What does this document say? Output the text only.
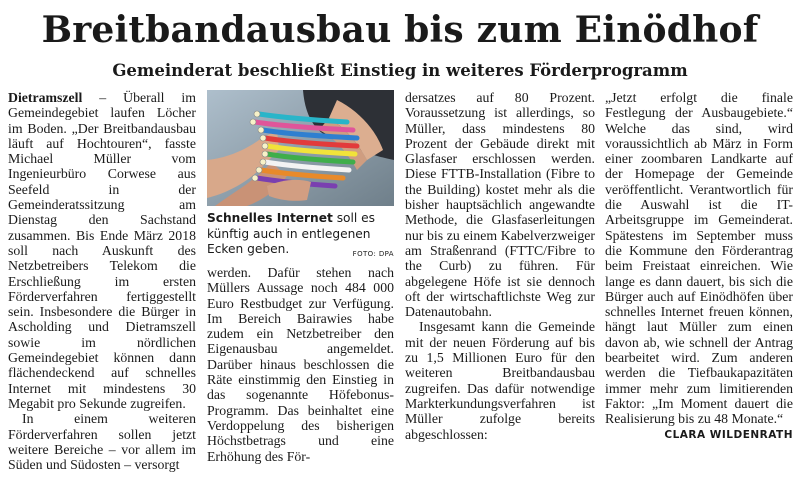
Breitbandausbau bis zum Einödhof
Gemeinderat beschließt Einstieg in weiteres Förderprogramm

Dietramszell – Überall im Gemeindegebiet laufen Löcher im Boden. „Der Breitbandausbau läuft auf Hochtouren“, fasste Michael Müller vom Ingenieurbüro Corwese aus Seefeld in der Gemeinderatssitzung am Dienstag den Sachstand zusammen. Bis Ende März 2018 soll nach Auskunft des Netzbetreibers Telekom die Erschließung im ersten Förderverfahren fertiggestellt sein. Insbesondere die Bürger in Ascholding und Dietramszell sowie im nördlichen Gemeindegebiet können dann flächendeckend auf schnelles Internet mit mindestens 30 Megabit pro Sekunde zugreifen.

In einem weiteren Förderverfahren sollen jetzt weitere Bereiche – vor allem im Süden und Südosten – versorgt

Schnelles Internet soll es künftig auch in entlegenen Ecken geben.	FOTO: DPA

werden. Dafür stehen nach Müllers Aussage noch 484 000 Euro Restbudget zur Verfügung. Im Bereich Bairawies habe zudem ein Netzbetreiber den Eigenausbau angemeldet. Darüber hinaus beschlossen die Räte einstimmig den Einstieg in das sogenannte Höfebonus-Programm. Das beinhaltet eine Verdoppelung des bisherigen Höchstbetrags und eine Erhöhung des För-

dersatzes auf 80 Prozent. Voraussetzung ist allerdings, so Müller, dass mindestens 80 Prozent der Gebäude direkt mit Glasfaser erschlossen werden. Diese FTTB-Installation (Fibre to the Building) kostet mehr als die bisher hauptsächlich angewandte Methode, die Glasfaserleitungen nur bis zu einem Kabelverzweiger am Straßenrand (FTTC/Fibre to the Curb) zu führen. Für abgelegene Höfe ist sie dennoch oft der wirtschaftlichste Weg zur Datenautobahn.

Insgesamt kann die Gemeinde mit der neuen Förderung auf bis zu 1,5 Millionen Euro für den weiteren Breitbandausbau zugreifen. Das dafür notwendige Markterkundungsverfahren ist Müller zufolge bereits abgeschlossen:

„Jetzt erfolgt die finale Festlegung der Ausbaugebiete.“ Welche das sind, wird voraussichtlich ab März in Form einer zoombaren Landkarte auf der Homepage der Gemeinde veröffentlicht. Verantwortlich für die Auswahl ist die IT-Arbeitsgruppe im Gemeinderat. Spätestens im September muss die Kommune den Förderantrag beim Freistaat einreichen. Wie lange es dann dauert, bis sich die Bürger auch auf Einödhöfen über schnelles Internet freuen können, hängt laut Müller zum einen davon ab, wie schnell der Antrag bearbeitet wird. Zum anderen werden die Tiefbaukapazitäten immer mehr zum limitierenden Faktor: „Im Moment dauert die Realisierung bis zu 48 Monate.“
CLARA WILDENRATH
